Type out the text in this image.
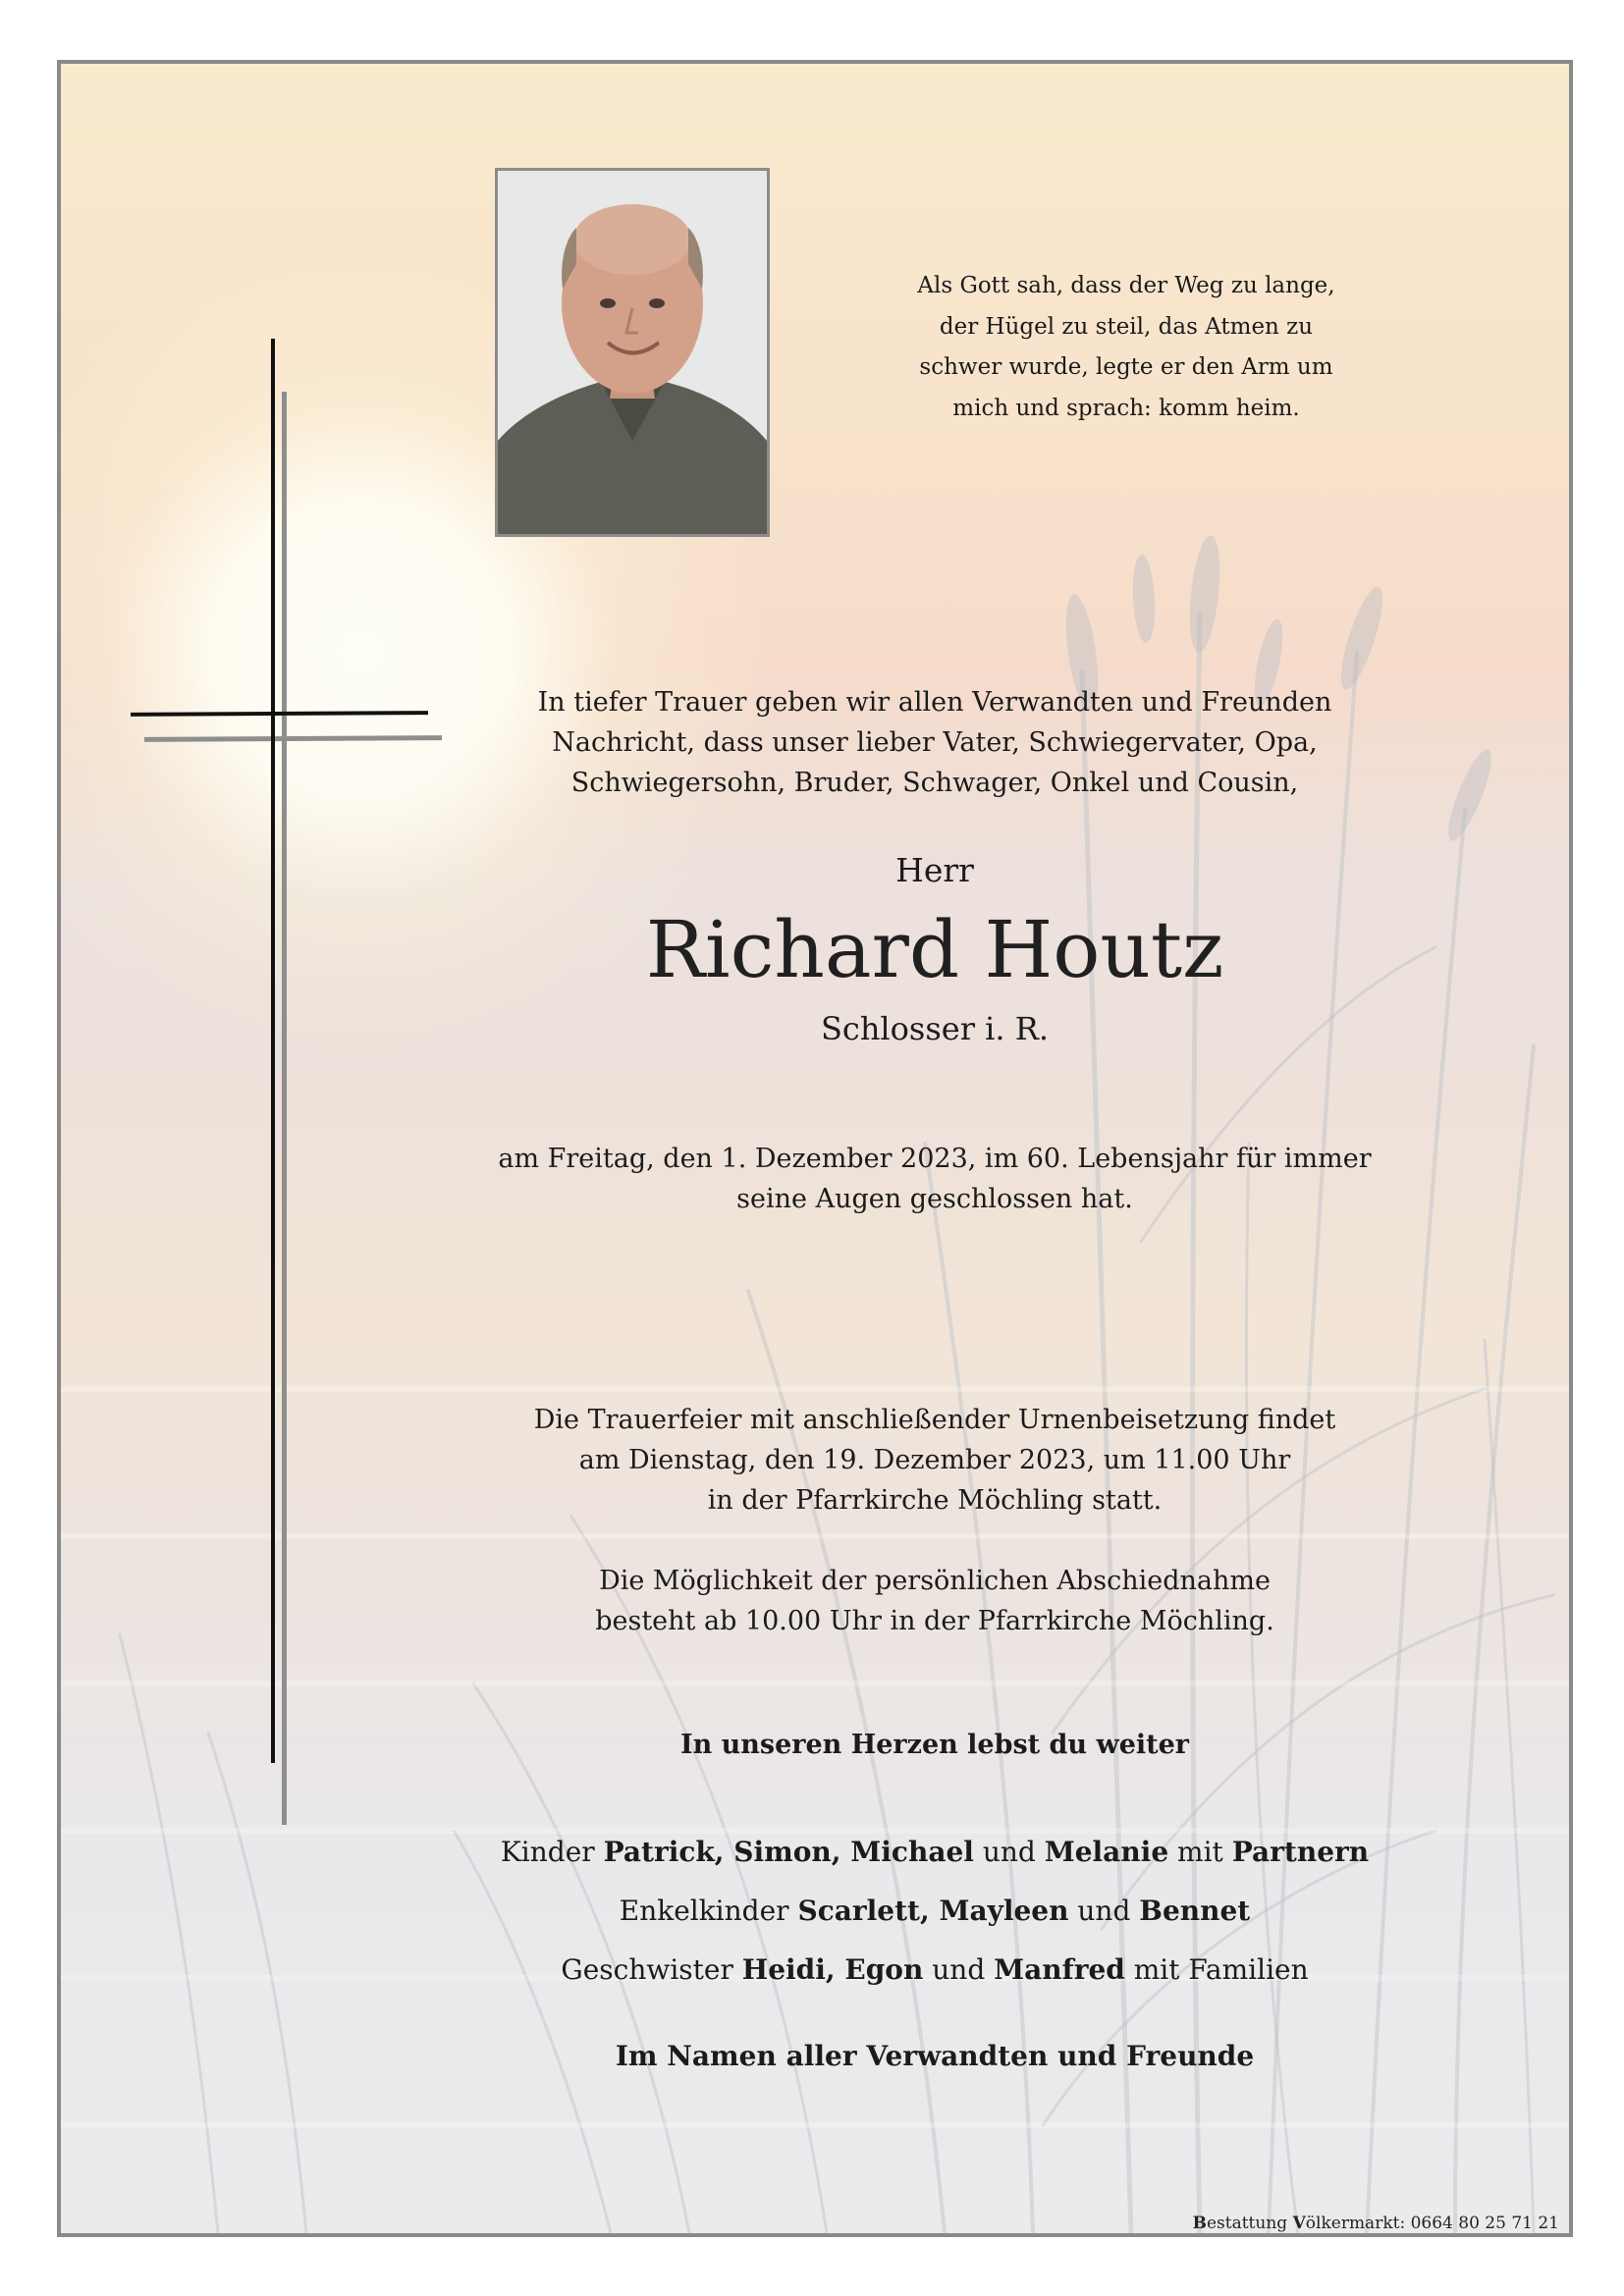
Als Gott sah, dass der Weg zu lange,
der Hügel zu steil, das Atmen zu
schwer wurde, legte er den Arm um
mich und sprach: komm heim.
In tiefer Trauer geben wir allen Verwandten und Freunden
Nachricht, dass unser lieber Vater, Schwiegervater, Opa,
Schwiegersohn, Bruder, Schwager, Onkel und Cousin,
Herr
Richard Houtz
Schlosser i. R.
am Freitag, den 1. Dezember 2023, im 60. Lebensjahr für immer
seine Augen geschlossen hat.
Die Trauerfeier mit anschließender Urnenbeisetzung findet
am Dienstag, den 19. Dezember 2023, um 11.00 Uhr
in der Pfarrkirche Möchling statt.
Die Möglichkeit der persönlichen Abschiednahme
besteht ab 10.00 Uhr in der Pfarrkirche Möchling.
In unseren Herzen lebst du weiter
Kinder Patrick, Simon, Michael und Melanie mit Partnern
Enkelkinder Scarlett, Mayleen und Bennet
Geschwister Heidi, Egon und Manfred mit Familien
Im Namen aller Verwandten und Freunde
Bestattung Völkermarkt: 0664 80 25 71 21
